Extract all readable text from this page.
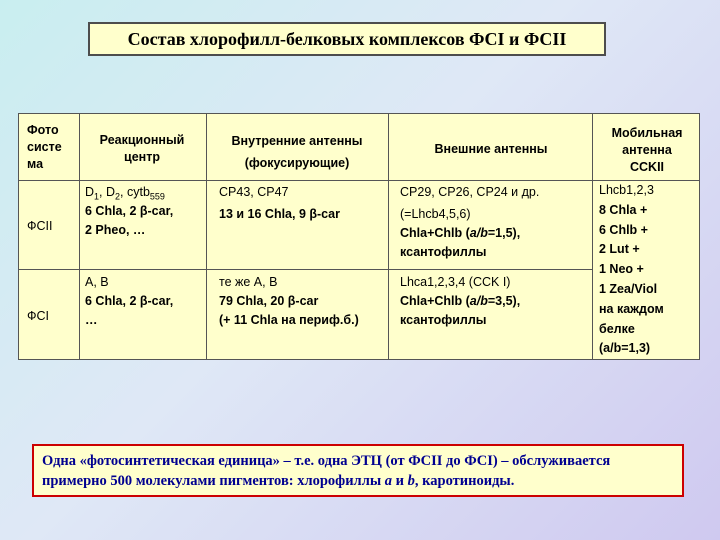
Состав хлорофилл-белковых комплексов ФСI и ФСII
Фото
систе
ма
Реакционный
центр
Внутренние антенны
(фокусирующие)
Внешние антенны
Мобильная
антенна
CCKII
ФСII
$D_1$, $D_2$, cytb$_{559}$
6 Chla, 2 β-car,
2 Pheo, …
CP43, CP47
13 и 16 Chla, 9 β-car
CP29, CP26, CP24 и др.
(=Lhcb4,5,6)
Chla+Chlb (a/b=1,5),
ксантофиллы
ФСI
A, B
6 Chla, 2 β-car,
…
те же A, B
79 Chla, 20 β-car
(+ 11 Chla на периф.б.)
Lhca1,2,3,4 (CCK I)
Chla+Chlb (a/b=3,5),
ксантофиллы
Lhcb1,2,3
8 Chla +
6 Chlb +
2 Lut +
1 Neo +
1 Zea/Viol
на каждом
белке
(a/b=1,3)
Одна «фотосинтетическая единица» – т.е. одна ЭТЦ (от ФСII до ФСI) – обслуживается
примерно 500 молекулами пигментов: хлорофиллы a и b, каротиноиды.
